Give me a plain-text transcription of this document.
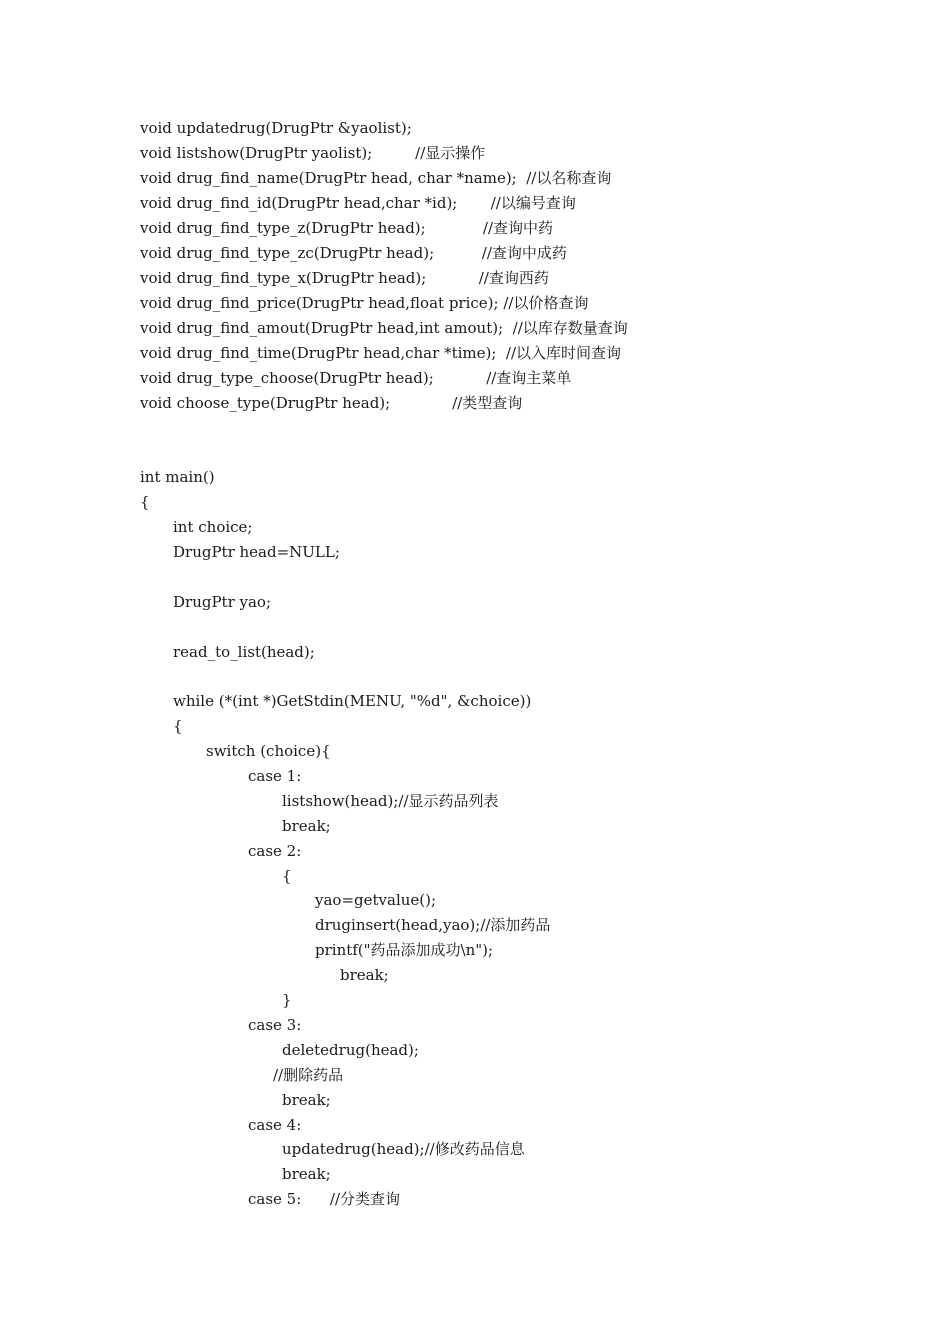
void updatedrug(DrugPtr &yaolist);

void listshow(DrugPtr yaolist);         //显示操作

void drug_find_name(DrugPtr head, char *name);  //以名称查询

void drug_find_id(DrugPtr head,char *id);       //以编号查询

void drug_find_type_z(DrugPtr head);            //查询中药

void drug_find_type_zc(DrugPtr head);          //查询中成药

void drug_find_type_x(DrugPtr head);           //查询西药

void drug_find_price(DrugPtr head,float price); //以价格查询

void drug_find_amout(DrugPtr head,int amout);  //以库存数量查询

void drug_find_time(DrugPtr head,char *time);  //以入库时间查询

void drug_type_choose(DrugPtr head);           //查询主菜单

void choose_type(DrugPtr head);             //类型查询

int main()

{

int choice;

DrugPtr head=NULL;

DrugPtr yao;

read_to_list(head);

while (*(int *)GetStdin(MENU, "%d", &choice))

{

switch (choice){

case 1:

listshow(head);//显示药品列表

break;

case 2:

{

yao=getvalue();

druginsert(head,yao);//添加药品

printf("药品添加成功\n");

break;

}

case 3:

deletedrug(head);

//删除药品

break;

case 4:

updatedrug(head);//修改药品信息

break;

case 5:      //分类查询
